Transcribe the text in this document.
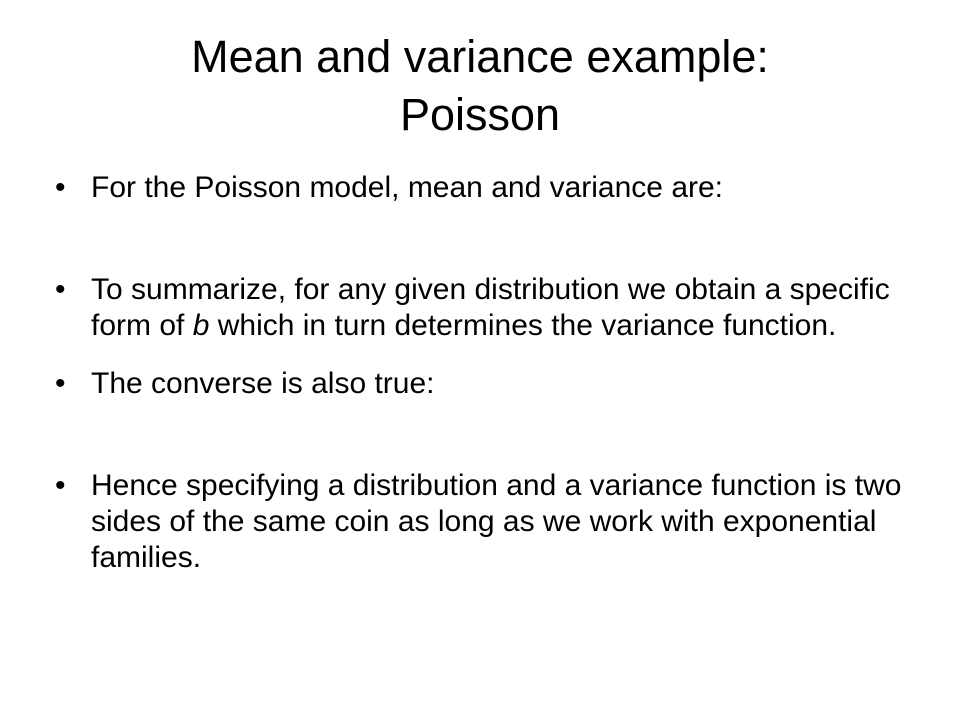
Mean and variance example:
Poisson
• For the Poisson model, mean and variance are:
• To summarize, for any given distribution we obtain a specific form of b which in turn determines the variance function.
• The converse is also true:
• Hence specifying a distribution and a variance function is two sides of the same coin as long as we work with exponential families.
